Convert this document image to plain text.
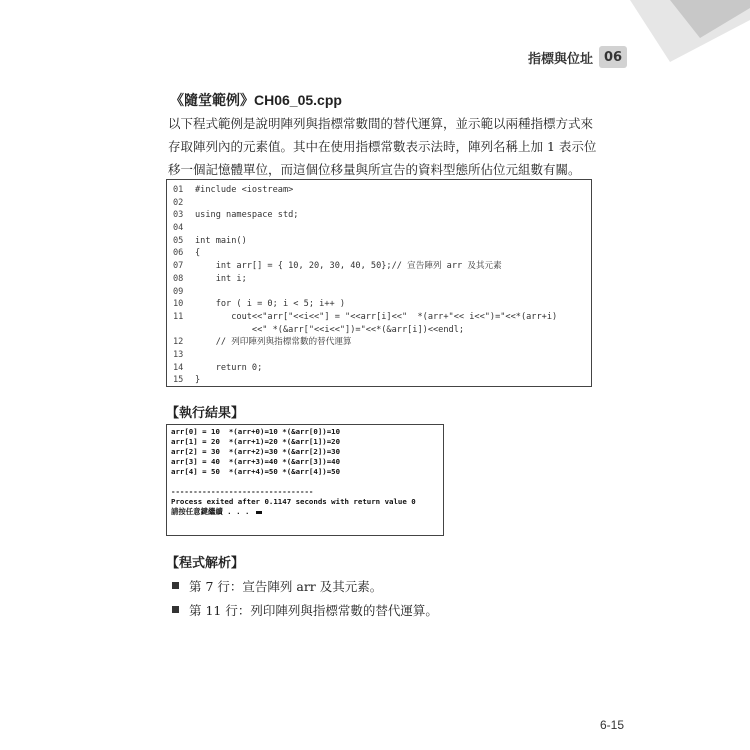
指標與位址 06
《隨堂範例》CH06_05.cpp
以下程式範例是說明陣列與指標常數間的替代運算，並示範以兩種指標方式來
存取陣列內的元素值。其中在使用指標常數表示法時，陣列名稱上加 1 表示位
移一個記憶體單位，而這個位移量與所宣告的資料型態所佔位元組數有關。
01	#include <iostream>
02
03	using namespace std;
04
05	int main()
06	{
07	int arr[] = { 10, 20, 30, 40, 50};// 宣告陣列 arr 及其元素
08	int i;
09
10	for ( i = 0; i < 5; i++ )
11	cout<<"arr["<<i<<"] = "<<arr[i]<<"  *(arr+"<< i<<")="<<*(arr+i)
<<" *(&arr["<<i<<"])="<<*(&arr[i])<<endl;
12	// 列印陣列與指標常數的替代運算
13
14	return 0;
15	}
【執行結果】
arr[0] = 10  *(arr+0)=10 *(&arr[0])=10
arr[1] = 20  *(arr+1)=20 *(&arr[1])=20
arr[2] = 30  *(arr+2)=30 *(&arr[2])=30
arr[3] = 40  *(arr+3)=40 *(&arr[3])=40
arr[4] = 50  *(arr+4)=50 *(&arr[4])=50
--------------------------------
Process exited after 0.1147 seconds with return value 0
請按任意鍵繼續 . . .
【程式解析】
第 7 行：宣告陣列 arr 及其元素。
第 11 行：列印陣列與指標常數的替代運算。
6-15
